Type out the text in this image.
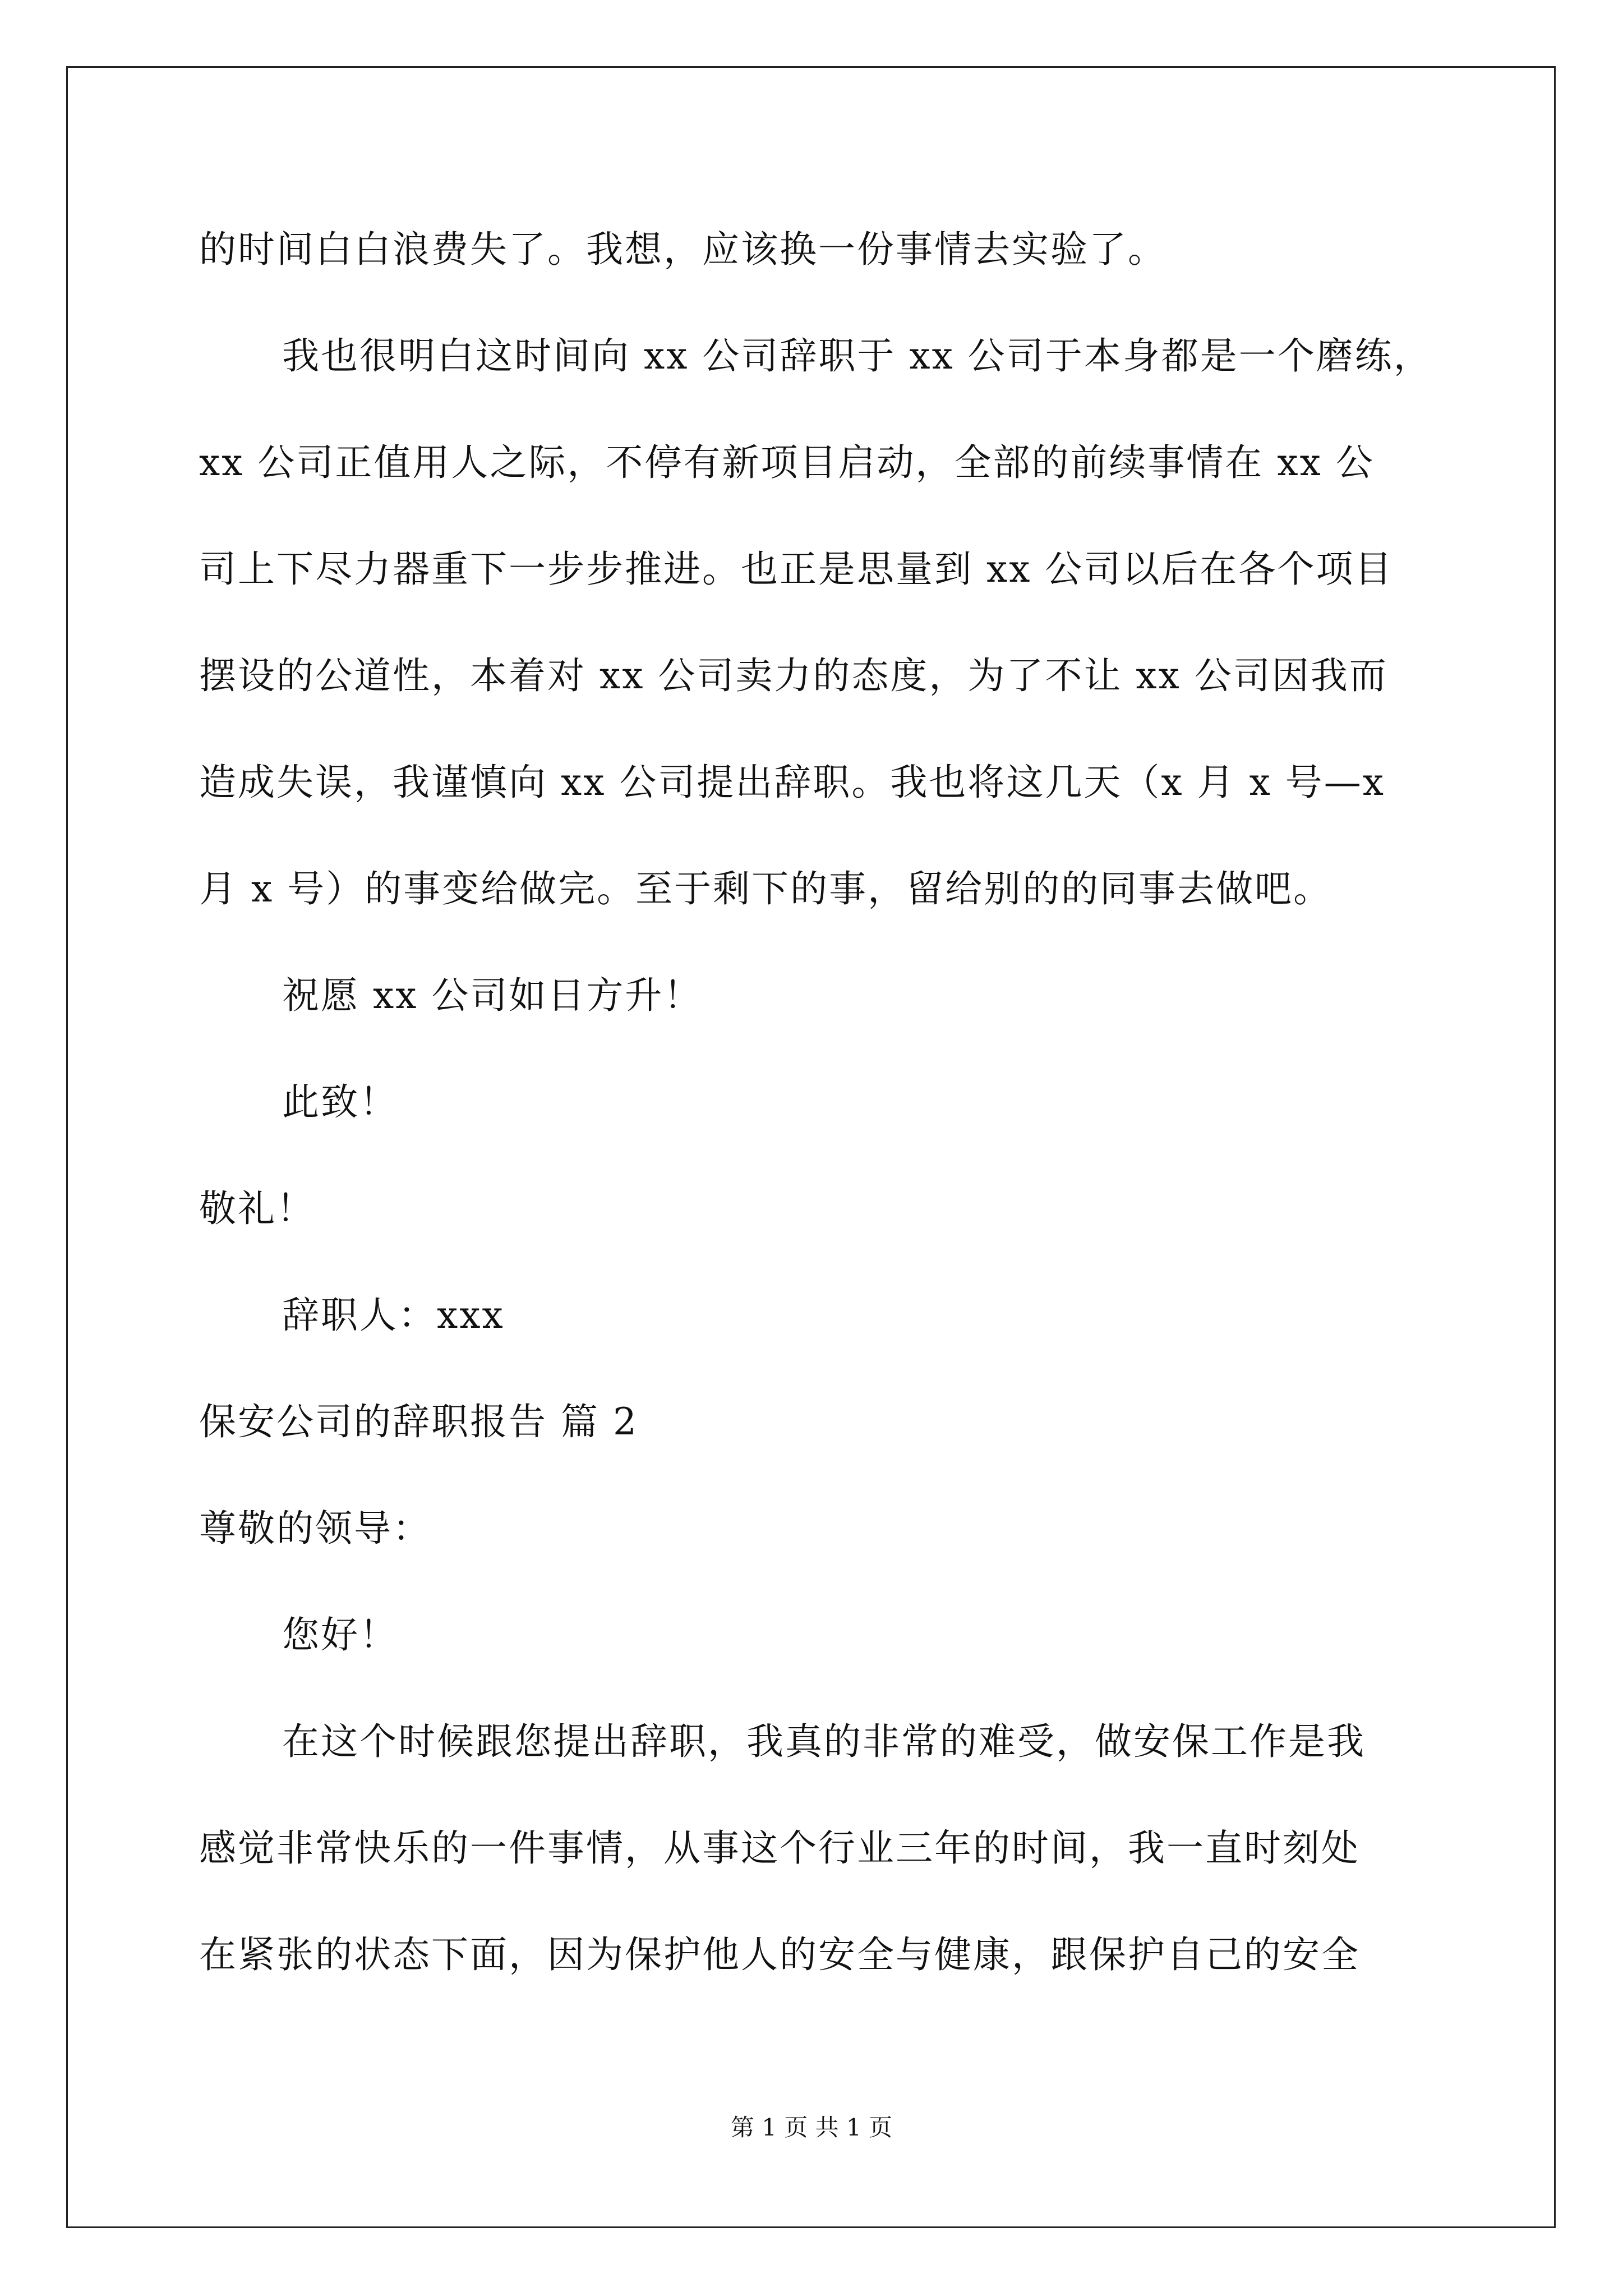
的时间白白浪费失了。我想，应该换一份事情去实验了。
我也很明白这时间向 xx 公司辞职于 xx 公司于本身都是一个磨练，
xx 公司正值用人之际，不停有新项目启动，全部的前续事情在 xx 公
司上下尽力器重下一步步推进。也正是思量到 xx 公司以后在各个项目
摆设的公道性，本着对 xx 公司卖力的态度，为了不让 xx 公司因我而
造成失误，我谨慎向 xx 公司提出辞职。我也将这几天（x 月 x 号—x
月 x 号）的事变给做完。至于剩下的事，留给别的的同事去做吧。
祝愿 xx 公司如日方升！
此致！
敬礼！
辞职人：xxx
保安公司的辞职报告 篇 2
尊敬的领导：
您好！
在这个时候跟您提出辞职，我真的非常的难受，做安保工作是我
感觉非常快乐的一件事情，从事这个行业三年的时间，我一直时刻处
在紧张的状态下面，因为保护他人的安全与健康，跟保护自己的安全
第 1 页 共 1 页
